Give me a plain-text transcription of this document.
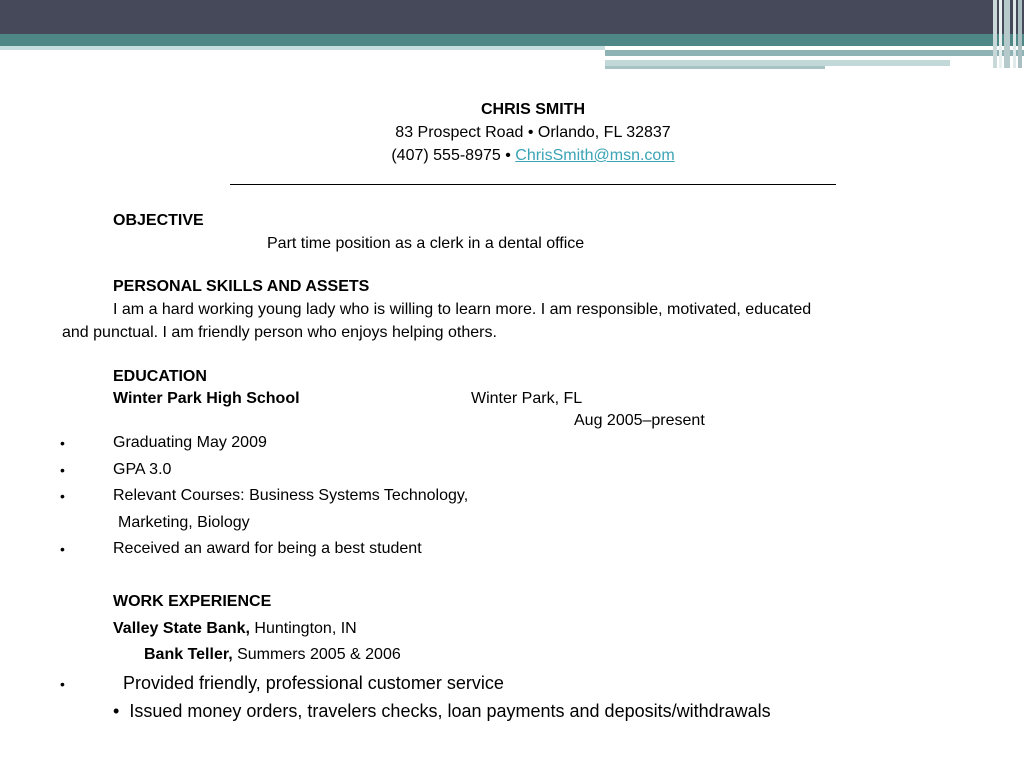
CHRIS SMITH
83 Prospect Road • Orlando, FL 32837
(407) 555-8975 • ChrisSmith@msn.com
OBJECTIVE
Part time position as a clerk in a dental office
PERSONAL SKILLS AND ASSETS
I am a hard working young lady who is willing to learn more. I am responsible, motivated, educated
and punctual. I am friendly person who enjoys helping others.
EDUCATION
Winter Park High School	Winter Park, FL
Aug 2005–present
•	Graduating May 2009
•	GPA 3.0
•	Relevant Courses: Business Systems Technology,
Marketing, Biology
•	Received an award for being a best student
WORK EXPERIENCE
Valley State Bank, Huntington, IN
Bank Teller, Summers 2005 & 2006
•	Provided friendly, professional customer service
• Issued money orders, travelers checks, loan payments and deposits/withdrawals
